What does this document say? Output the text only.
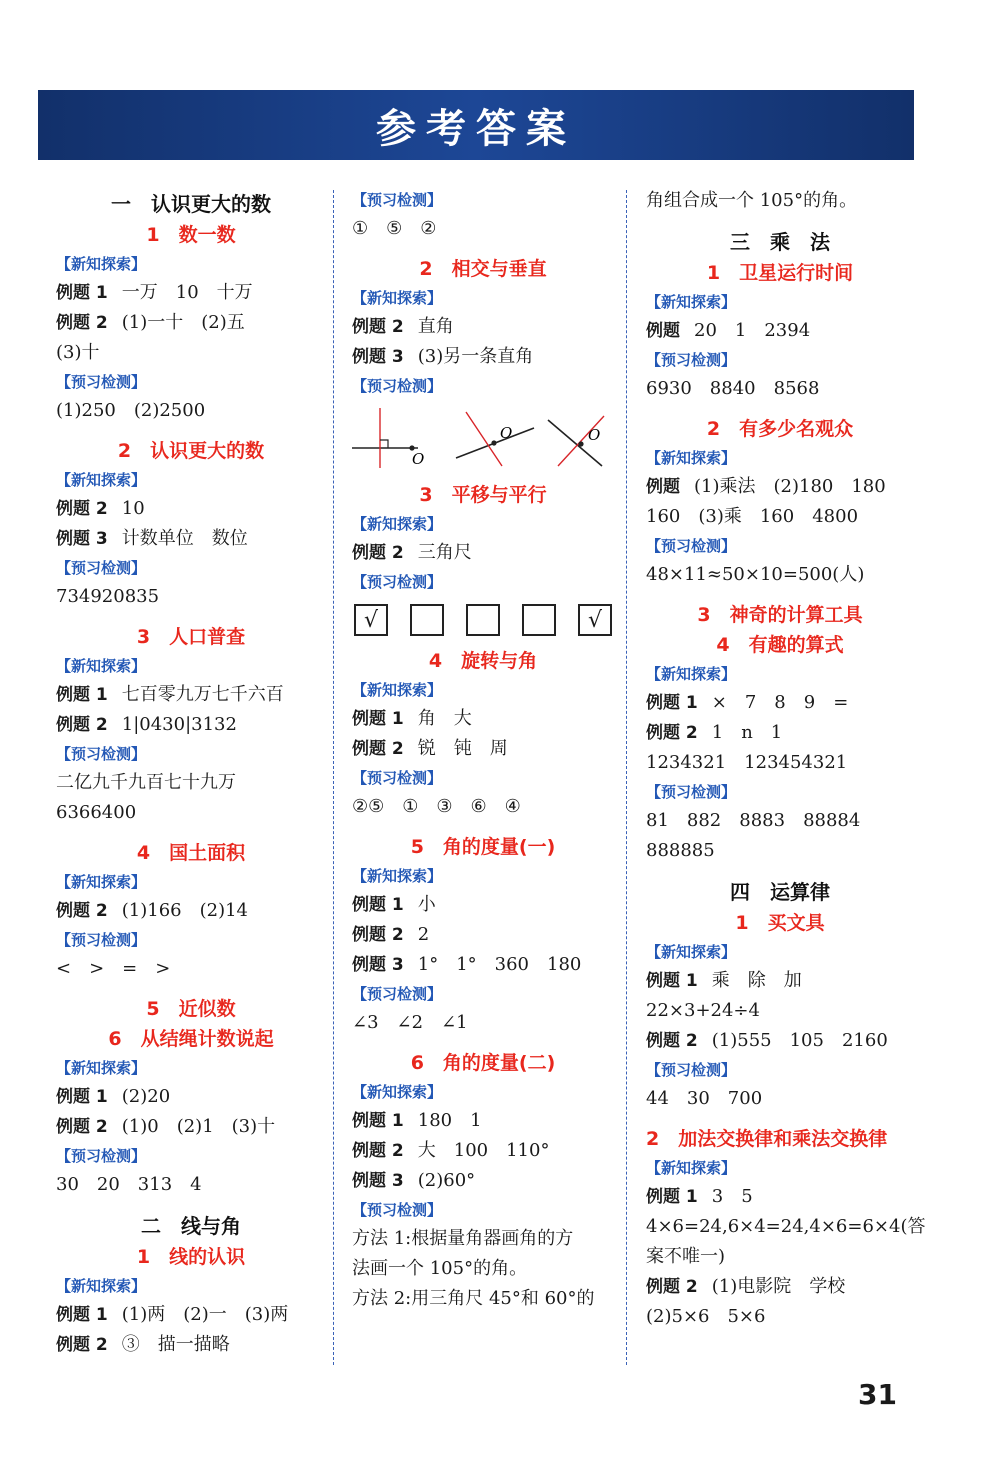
参考答案
一　认识更大的数
1　数一数
【新知探索】
例题 1 一万　10　十万
例题 2 (1)一十　(2)五
(3)十
【预习检测】
(1)250　(2)2500
2　认识更大的数
【新知探索】
例题 2 10
例题 3 计数单位　数位
【预习检测】
734920835
3　人口普查
【新知探索】
例题 1 七百零九万七千六百
例题 2 1|0430|3132
【预习检测】
二亿九千九百七十九万
6366400
4　国土面积
【新知探索】
例题 2 (1)166　(2)14
【预习检测】
<　>　=　>
5　近似数
6　从结绳计数说起
【新知探索】
例题 1 (2)20
例题 2 (1)0　(2)1　(3)十
【预习检测】
30　20　313　4
二　线与角
1　线的认识
【新知探索】
例题 1 (1)两　(2)一　(3)两
例题 2 ③　描一描略
【预习检测】
①　⑤　②
2　相交与垂直
【新知探索】
例题 2 直角
例题 3 (3)另一条直角
【预习检测】
O
O	O
3　平移与平行
【新知探索】
例题 2 三角尺
【预习检测】
√	√
4　旋转与角
【新知探索】
例题 1 角　大
例题 2 锐　钝　周
【预习检测】
②⑤　①　③　⑥　④
5　角的度量(一)
【新知探索】
例题 1 小
例题 2 2
例题 3 1°　1°　360　180
【预习检测】
∠3　∠2　∠1
6　角的度量(二)
【新知探索】
例题 1 180　1
例题 2 大　100　110°
例题 3 (2)60°
【预习检测】
方法 1:根据量角器画角的方
法画一个 105°的角。
方法 2:用三角尺 45°和 60°的
角组合成一个 105°的角。
三　乘　法
1　卫星运行时间
【新知探索】
例题 20　1　2394
【预习检测】
6930　8840　8568
2　有多少名观众
【新知探索】
例题 (1)乘法　(2)180　180
160　(3)乘　160　4800
【预习检测】
48×11≈50×10=500(人)
3　神奇的计算工具
4　有趣的算式
【新知探索】
例题 1 ×　7　8　9　=
例题 2 1　n　1
1234321　123454321
【预习检测】
81　882　8883　88884
888885
四　运算律
1　买文具
【新知探索】
例题 1 乘　除　加
22×3+24÷4
例题 2 (1)555　105　2160
【预习检测】
44　30　700
2　加法交换律和乘法交换律
【新知探索】
例题 1 3　5
4×6=24,6×4=24,4×6=6×4(答
案不唯一)
例题 2 (1)电影院　学校
(2)5×6　5×6
31
